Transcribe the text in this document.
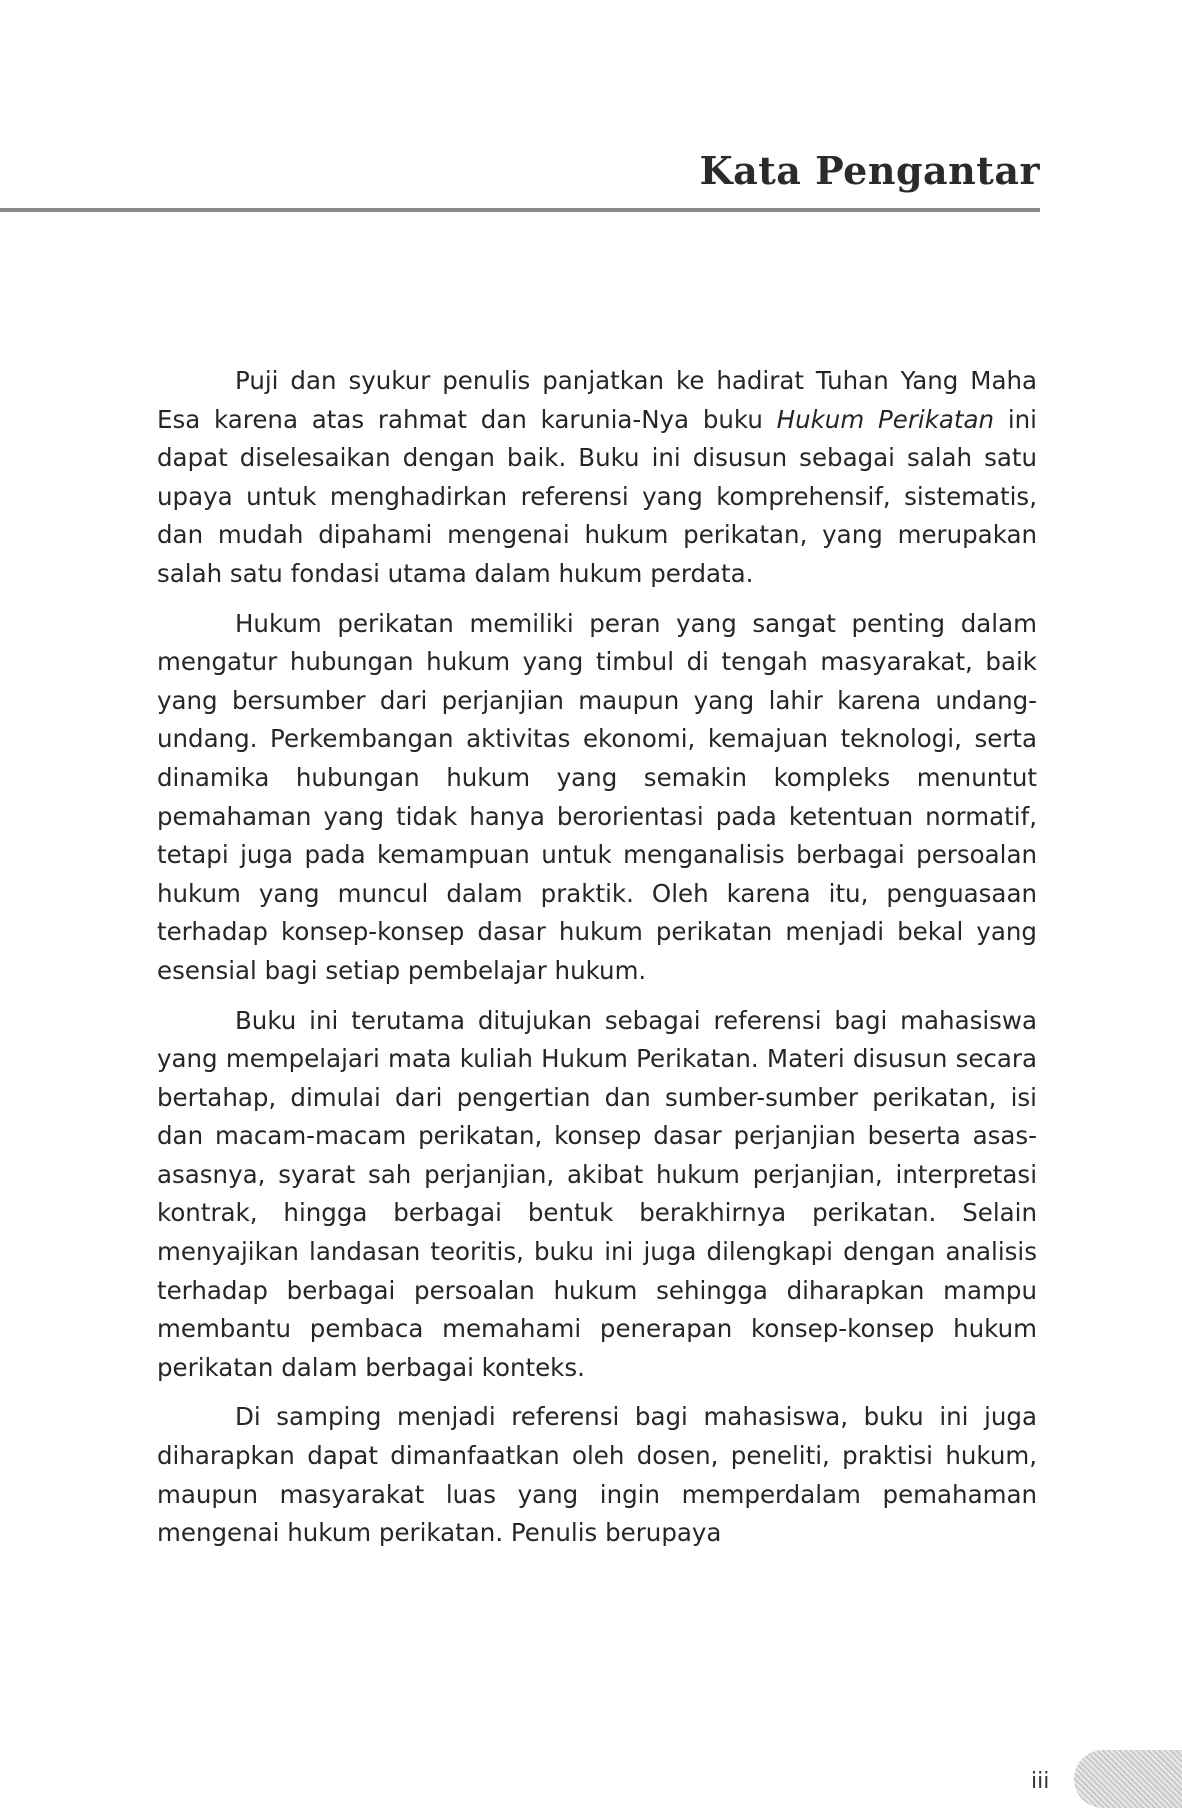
Kata Pengantar

Puji dan syukur penulis panjatkan ke hadirat Tuhan Yang Maha Esa karena atas rahmat dan karunia-Nya buku Hukum Perikatan ini dapat diselesaikan dengan baik. Buku ini disusun sebagai salah satu upaya untuk menghadirkan referensi yang komprehensif, sistematis, dan mudah dipahami mengenai hukum perikatan, yang merupakan salah satu fondasi utama dalam hukum perdata.

Hukum perikatan memiliki peran yang sangat penting dalam mengatur hubungan hukum yang timbul di tengah masyarakat, baik yang bersumber dari perjanjian maupun yang lahir karena undang-undang. Perkembangan aktivitas ekonomi, kemajuan teknologi, serta dinamika hubungan hukum yang semakin kompleks menuntut pemahaman yang tidak hanya berorientasi pada ketentuan normatif, tetapi juga pada kemampuan untuk menganalisis berbagai persoalan hukum yang muncul dalam praktik. Oleh karena itu, penguasaan terhadap konsep-konsep dasar hukum perikatan menjadi bekal yang esensial bagi setiap pembelajar hukum.

Buku ini terutama ditujukan sebagai referensi bagi mahasiswa yang mempelajari mata kuliah Hukum Perikatan. Materi disusun secara bertahap, dimulai dari pengertian dan sumber-sumber perikatan, isi dan macam-macam perikatan, konsep dasar perjanjian beserta asas-asasnya, syarat sah perjanjian, akibat hukum perjanjian, interpretasi kontrak, hingga berbagai bentuk berakhirnya perikatan. Selain menyajikan landasan teoritis, buku ini juga dilengkapi dengan analisis terhadap berbagai persoalan hukum sehingga diharapkan mampu membantu pembaca memahami penerapan konsep-konsep hukum perikatan dalam berbagai konteks.

Di samping menjadi referensi bagi mahasiswa, buku ini juga diharapkan dapat dimanfaatkan oleh dosen, peneliti, praktisi hukum, maupun masyarakat luas yang ingin memperdalam pemahaman mengenai hukum perikatan. Penulis berupaya

iii
